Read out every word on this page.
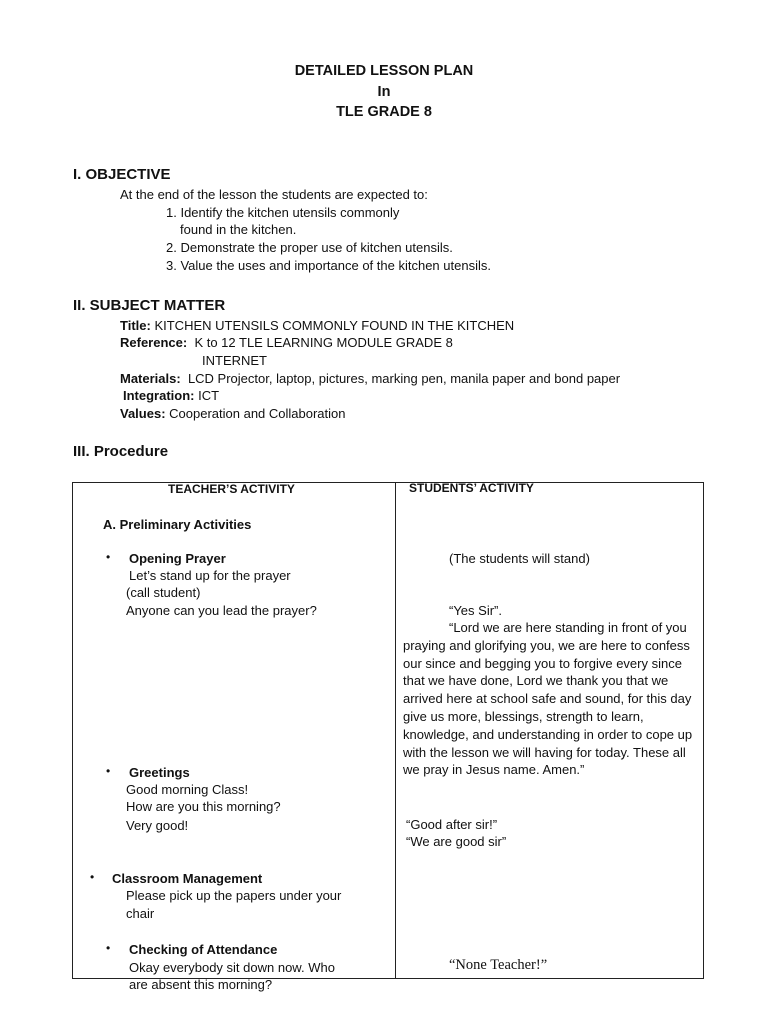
DETAILED LESSON PLAN
In
TLE GRADE 8
I. OBJECTIVE
At the end of the lesson the students are expected to:
1. Identify the kitchen utensils commonly
found in the kitchen.
2. Demonstrate the proper use of kitchen utensils.
3. Value the uses and importance of the kitchen utensils.
II. SUBJECT MATTER
Title: KITCHEN UTENSILS COMMONLY FOUND IN THE KITCHEN
Reference: K to 12 TLE LEARNING MODULE GRADE 8
INTERNET
Materials: LCD Projector, laptop, pictures, marking pen, manila paper and bond paper
Integration: ICT
Values: Cooperation and Collaboration
III. Procedure
TEACHER’S ACTIVITY	STUDENTS’ ACTIVITY
A. Preliminary Activities
• Opening Prayer
Let’s stand up for the prayer
(call student)
Anyone can you lead the prayer?
• Greetings
Good morning Class!
How are you this morning?
Very good!
• Classroom Management
Please pick up the papers under your
chair
• Checking of Attendance
Okay everybody sit down now. Who
are absent this morning?
(The students will stand)
“Yes Sir”.
“Lord we are here standing in front of you praying and glorifying you, we are here to confess our since and begging you to forgive every since that we have done, Lord we thank you that we arrived here at school safe and sound, for this day give us more, blessings, strength to learn, knowledge, and understanding in order to cope up with the lesson we will having for today. These all we pray in Jesus name. Amen.”
“Good after sir!”
“We are good sir”
“None Teacher!”
